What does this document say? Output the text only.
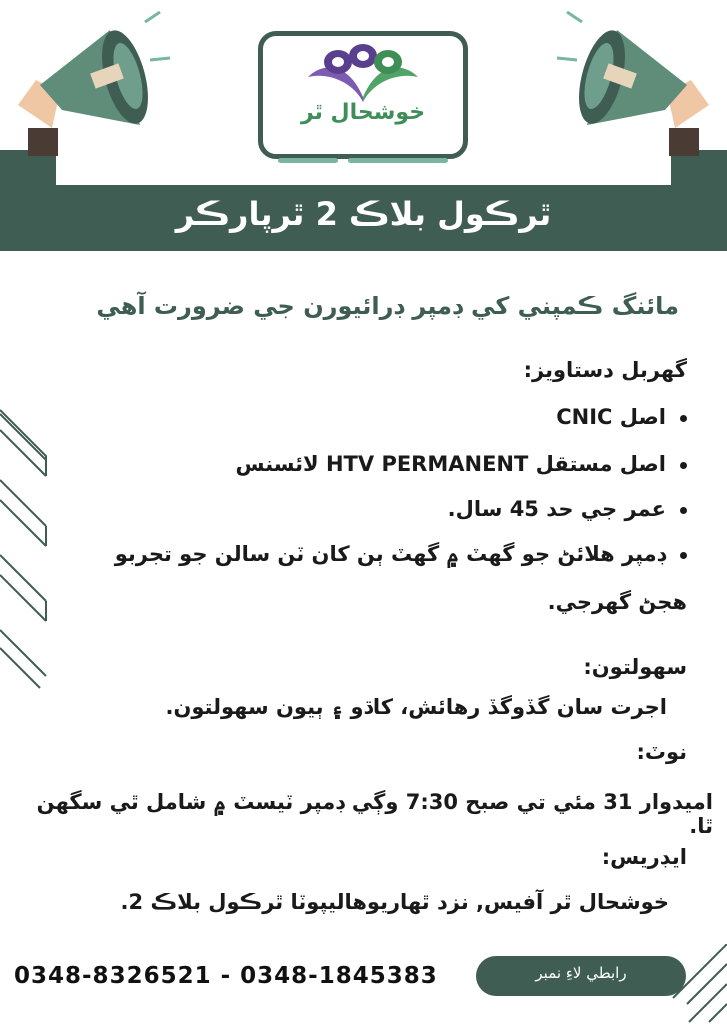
خوشحال ٿر
ٿرڪول بلاڪ 2 ٿرپارڪر
مائنگ ڪمپني کي ڊمپر ڊرائيورن جي ضرورت آهي
گهربل دستاويز:
اصل CNIC
اصل مستقل HTV PERMANENT لائسنس
عمر جي حد 45 سال.
ڊمپر هلائڻ جو گهٽ ۾ گهٽ ٻن کان ٽن سالن جو تجربو
هجڻ گهرجي.
سهولتون:
اجرت سان گڏوگڏ رهائش، کاڌو ۽ ٻيون سهولتون.
نوٽ:
اميدوار 31 مئي تي صبح 7:30 وڳي ڊمپر ٽيسٽ ۾ شامل ٿي سگهن ٿا.
ايڊريس:
خوشحال ٿر آفيس, نزد ٿهاريوهاليپوٽا ٿرڪول بلاڪ 2.
0348-8326521 - 0348-1845383	رابطي لاءِ نمبر
